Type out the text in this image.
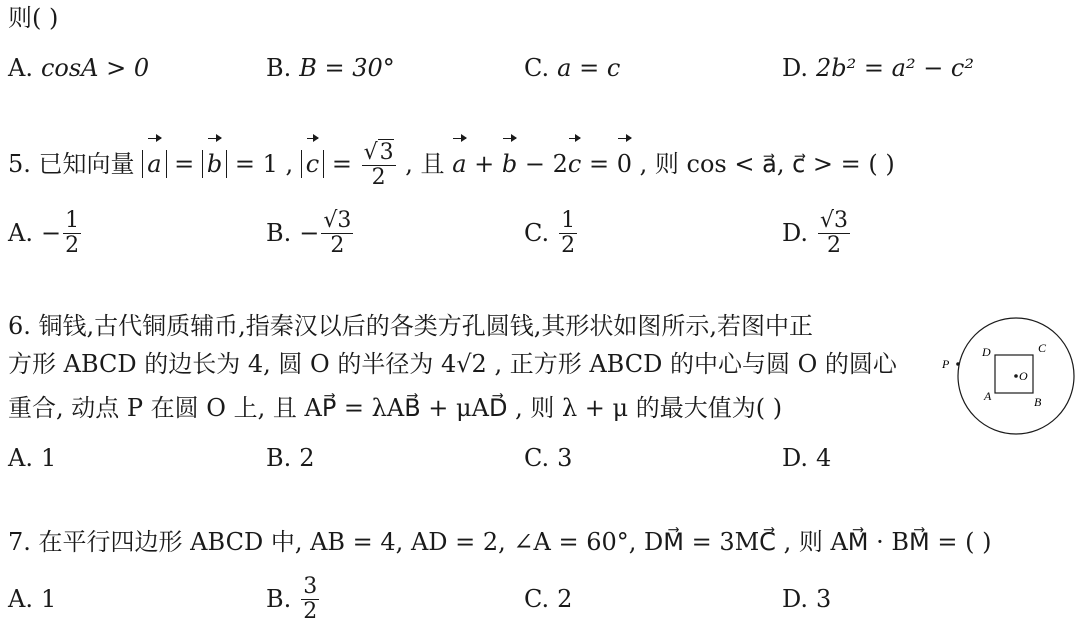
则( )
A. cosA > 0	B. B = 30°	C. a = c	D. 2b² = a² − c²
5. 已知向量 a = b = 1 , $c = \frac{√3}{2}$ , 且 a + b − 2c = 0 , 则 cos < a⃗, c⃗ > = ( )
A. − $\frac{1}{2}$	B. − $\frac{√3}{2}$	C. $\frac{1}{2}$	D. $\frac{√3}{2}$
6. 铜钱,古代铜质辅币,指秦汉以后的各类方孔圆钱,其形状如图所示,若图中正
方形 ABCD 的边长为 4, 圆 O 的半径为 4√2 , 正方形 ABCD 的中心与圆 O 的圆心
重合, 动点 P 在圆 O 上, 且 AP⃗ = λAB⃗ + μAD⃗ , 则 λ + μ 的最大值为( )
P
D	C
O
A	B
A. 1	B. 2	C. 3	D. 4
7. 在平行四边形 ABCD 中, AB = 4, AD = 2, ∠A = 60°, DM⃗ = 3MC⃗ , 则 AM⃗ · BM⃗ = ( )
A. 1	B. $\frac{3}{2}$	C. 2	D. 3
